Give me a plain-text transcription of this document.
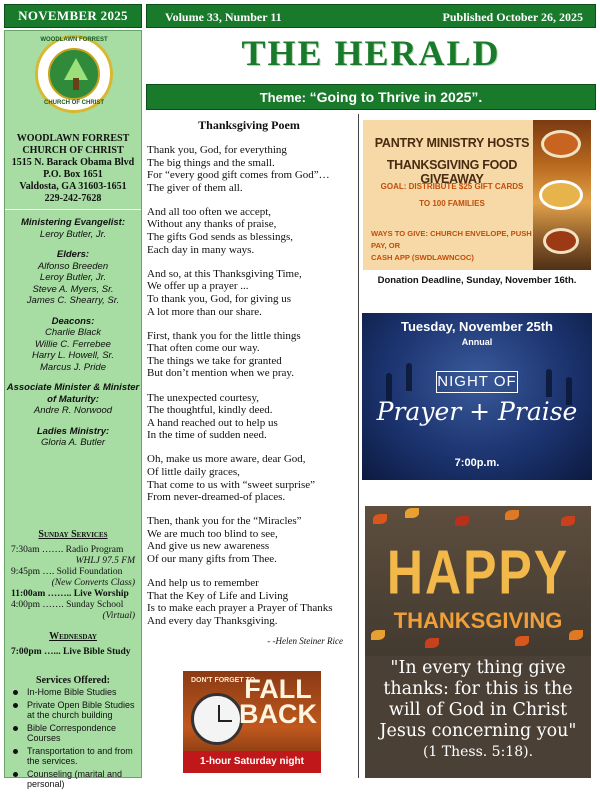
NOVEMBER 2025	Volume 33, Number 11	Published October 26, 2025
WOODLAWN FORREST
CHURCH OF CHRIST
WOODLAWN FORREST
CHURCH OF CHRIST
1515 N. Barack Obama Blvd
P.O. Box 1651
Valdosta, GA 31603-1651
229-242-7628
Ministering Evangelist:
Leroy Butler, Jr.
Elders:
Alfonso Breeden
Leroy Butler, Jr.
Steve A. Myers, Sr.
James C. Shearry, Sr.
Deacons:
Charlie Black
Willie C. Ferrebee
Harry L. Howell, Sr.
Marcus J. Pride
Associate Minister & Minister of Maturity:
Andre R. Norwood
Ladies Ministry:
Gloria A. Butler
Sunday Services
7:30am ……. Radio Program
WHLJ 97.5 FM
9:45pm …. Solid Foundation
(New Converts Class)
11:00am …….. Live Worship
4:00pm ……. Sunday School
(Virtual)
Wednesday
7:00pm …... Live Bible Study
Services Offered:
In-Home Bible Studies
Private Open Bible Studies at the church building
Bible Correspondence Courses
Transportation to and from the services.
Counseling (marital and personal)
THE HERALD
Theme: “Going to Thrive in 2025”.
Thanksgiving Poem
Thank you, God, for everything
The big things and the small.
For “every good gift comes from God”…
The giver of them all.
And all too often we accept,
Without any thanks of praise,
The gifts God sends as blessings,
Each day in many ways.
And so, at this Thanksgiving Time,
We offer up a prayer ...
To thank you, God, for giving us
A lot more than our share.
First, thank you for the little things
That often come our way.
The things we take for granted
But don’t mention when we pray.
The unexpected courtesy,
The thoughtful, kindly deed.
A hand reached out to help us
In the time of sudden need.
Oh, make us more aware, dear God,
Of little daily graces,
That come to us with “sweet surprise”
From never-dreamed-of places.
Then, thank you for the “Miracles”
We are much too blind to see,
And give us new awareness
Of our many gifts from Thee.
And help us to remember
That the Key of Life and Living
Is to make each prayer a Prayer of Thanks
And every day Thanksgiving.
- -Helen Steiner Rice
DON'T FORGET TO
FALL
BACK
1-hour Saturday night
PANTRY MINISTRY HOSTS
THANKSGIVING FOOD GIVEAWAY
GOAL: DISTRIBUTE $25 GIFT CARDS
TO 100 FAMILIES
WAYS TO GIVE: CHURCH ENVELOPE, PUSH PAY, OR
CASH APP (SWDLAWNCOC)
Donation Deadline, Sunday, November 16th.
Tuesday, November 25th
Annual
NIGHT OF
Prayer + Praise
7:00p.m.
HAPPY
THANKSGIVING
"In every thing give
thanks: for this is the
will of God in Christ
Jesus concerning you"
(1 Thess. 5:18).
